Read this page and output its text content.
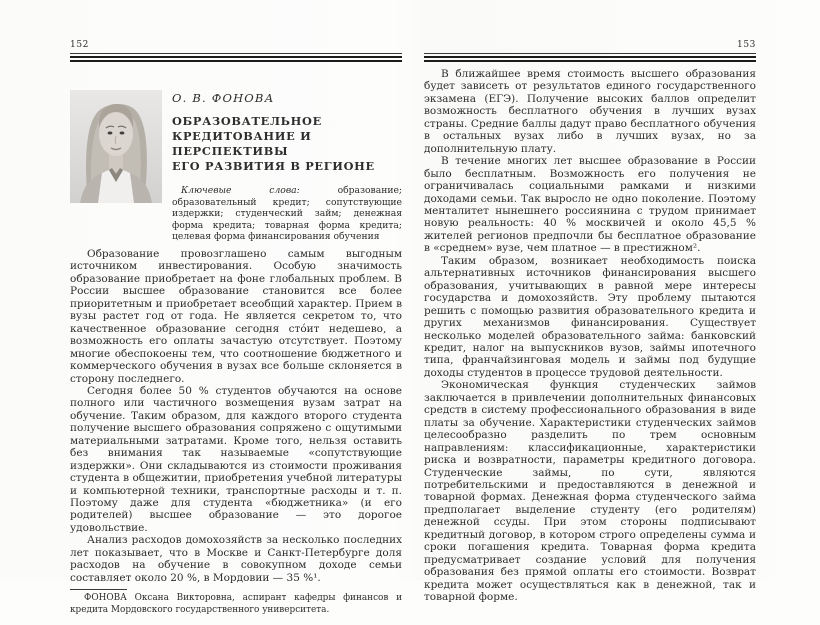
152
О. В. ФОНОВА
ОБРАЗОВАТЕЛЬНОЕ
КРЕДИТОВАНИЕ И ПЕРСПЕКТИВЫ
ЕГО РАЗВИТИЯ В РЕГИОНЕ

Ключевые слова:	образование; образовательный кредит; сопутствующие издержки; студенческий займ; денежная форма кредита; товарная форма кредита; целевая форма финансирования обучения

Образование провозглашено самым выгодным источником инвестирования. Особую значимость образование приобретает на фоне глобальных проблем. В России высшее образование становится все более приоритетным и приобретает всеобщий характер. Прием в вузы растет год от года. Не является секретом то, что качественное образование сегодня сто́ит недешево, а возможность его оплаты зачастую отсутствует. Поэтому многие обеспокоены тем, что соотношение бюджетного и коммерческого обучения в вузах все больше склоняется в сторону последнего.

Сегодня более 50 % студентов обучаются на основе полного или частичного возмещения вузам затрат на обучение. Таким образом, для каждого второго студента получение высшего образования сопряжено с ощутимыми материальными затратами. Кроме того, нельзя оставить без внимания так называемые «сопутствующие издержки». Они складываются из стоимости проживания студента в общежитии, приобретения учебной литературы и компьютерной техники, транспортные расходы и т. п. Поэтому даже для студента «бюджетника» (и его родителей) высшее образование — это дорогое удовольствие.

Анализ расходов домохозяйств за несколько последних лет показывает, что в Москве и Санкт-Петербурге доля расходов на обучение в совокупном доходе семьи составляет около 20 %, в Мордовии — 35 %¹.

ФОНОВА Оксана Викторовна, аспирант кафедры финансов и кредита Мордовского государственного университета.

153

В ближайшее время стоимость высшего образования будет зависеть от результатов единого государственного экзамена (ЕГЭ). Получение высоких баллов определит возможность бесплатного обучения в лучших вузах страны. Средние баллы дадут право бесплатного обучения в остальных вузах либо в лучших вузах, но за дополнительную плату.

В течение многих лет высшее образование в России было бесплатным. Возможность его получения не ограничивалась социальными рамками и низкими доходами семьи. Так выросло не одно поколение. Поэтому менталитет нынешнего россиянина с трудом принимает новую реальность: 40 % москвичей и около 45,5 % жителей регионов предпочли бы бесплатное образование в «среднем» вузе, чем платное — в престижном².

Таким образом, возникает необходимость поиска альтернативных источников финансирования высшего образования, учитывающих в равной мере интересы государства и домохозяйств. Эту проблему пытаются решить с помощью развития образовательного кредита и других механизмов финансирования. Существует несколько моделей образовательного займа: банковский кредит, налог на выпускников вузов, займы ипотечного типа, франчайзинговая модель и займы под будущие доходы студентов в процессе трудовой деятельности.

Экономическая функция студенческих займов заключается в привлечении дополнительных финансовых средств в систему профессионального образования в виде платы за обучение. Характеристики студенческих займов целесообразно разделить по трем основным направлениям: классификационные, характеристики риска и возвратности, параметры кредитного договора. Студенческие займы, по сути, являются потребительскими и предоставляются в денежной и товарной формах. Денежная форма студенческого займа предполагает выделение студенту (его родителям) денежной ссуды. При этом стороны подписывают кредитный договор, в котором строго определены сумма и сроки погашения кредита. Товарная форма кредита предусматривает создание условий для получения образования без прямой оплаты его стоимости. Возврат кредита может осуществляться как в денежной, так и товарной форме.
